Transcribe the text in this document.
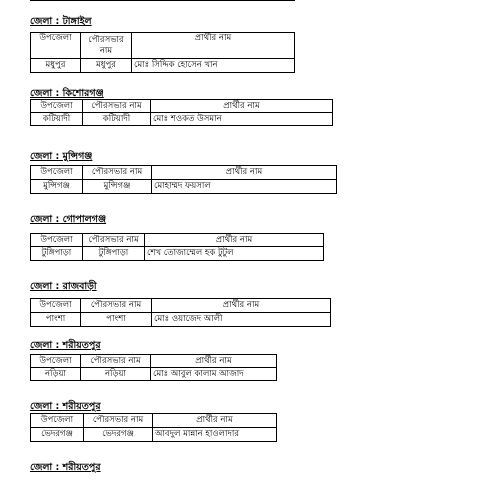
জেলা : টাঙ্গাইল
উপজেলা	পৌরসভার নাম	প্রার্থীর নাম
মধুপুর	মধুপুর	মোঃ সিদ্দিক হোসেন খান
জেলা : কিশোরগঞ্জ
উপজেলা	পৌরসভার নাম	প্রার্থীর নাম
কটিয়াদী	কটিয়াদী	মোঃ শওকত উসমান
জেলা : মুন্সিগঞ্জ
উপজেলা	পৌরসভার নাম	প্রার্থীর নাম
মুন্সিগঞ্জ	মুন্সিগঞ্জ	মোহাম্মদ ফয়সাল
জেলা : গোপালগঞ্জ
উপজেলা	পৌরসভার নাম	প্রার্থীর নাম
টুঙ্গিপাড়া	টুঙ্গিপাড়া	শেখ তোজাম্মেল হক টুটুল
জেলা : রাজবাড়ী
উপজেলা	পৌরসভার নাম	প্রার্থীর নাম
পাংশা	পাংশা	মোঃ ওয়াজেদ আলী
জেলা : শরীয়তপুর
উপজেলা	পৌরসভার নাম	প্রার্থীর নাম
নড়িয়া	নড়িয়া	মোঃ আবুল কালাম আজাদ
জেলা : শরীয়তপুর
উপজেলা	পৌরসভার নাম	প্রার্থীর নাম
ভেদরগঞ্জ	ভেদরগঞ্জ	আবদুল মান্নান হাওলাদার
জেলা : শরীয়তপুর
